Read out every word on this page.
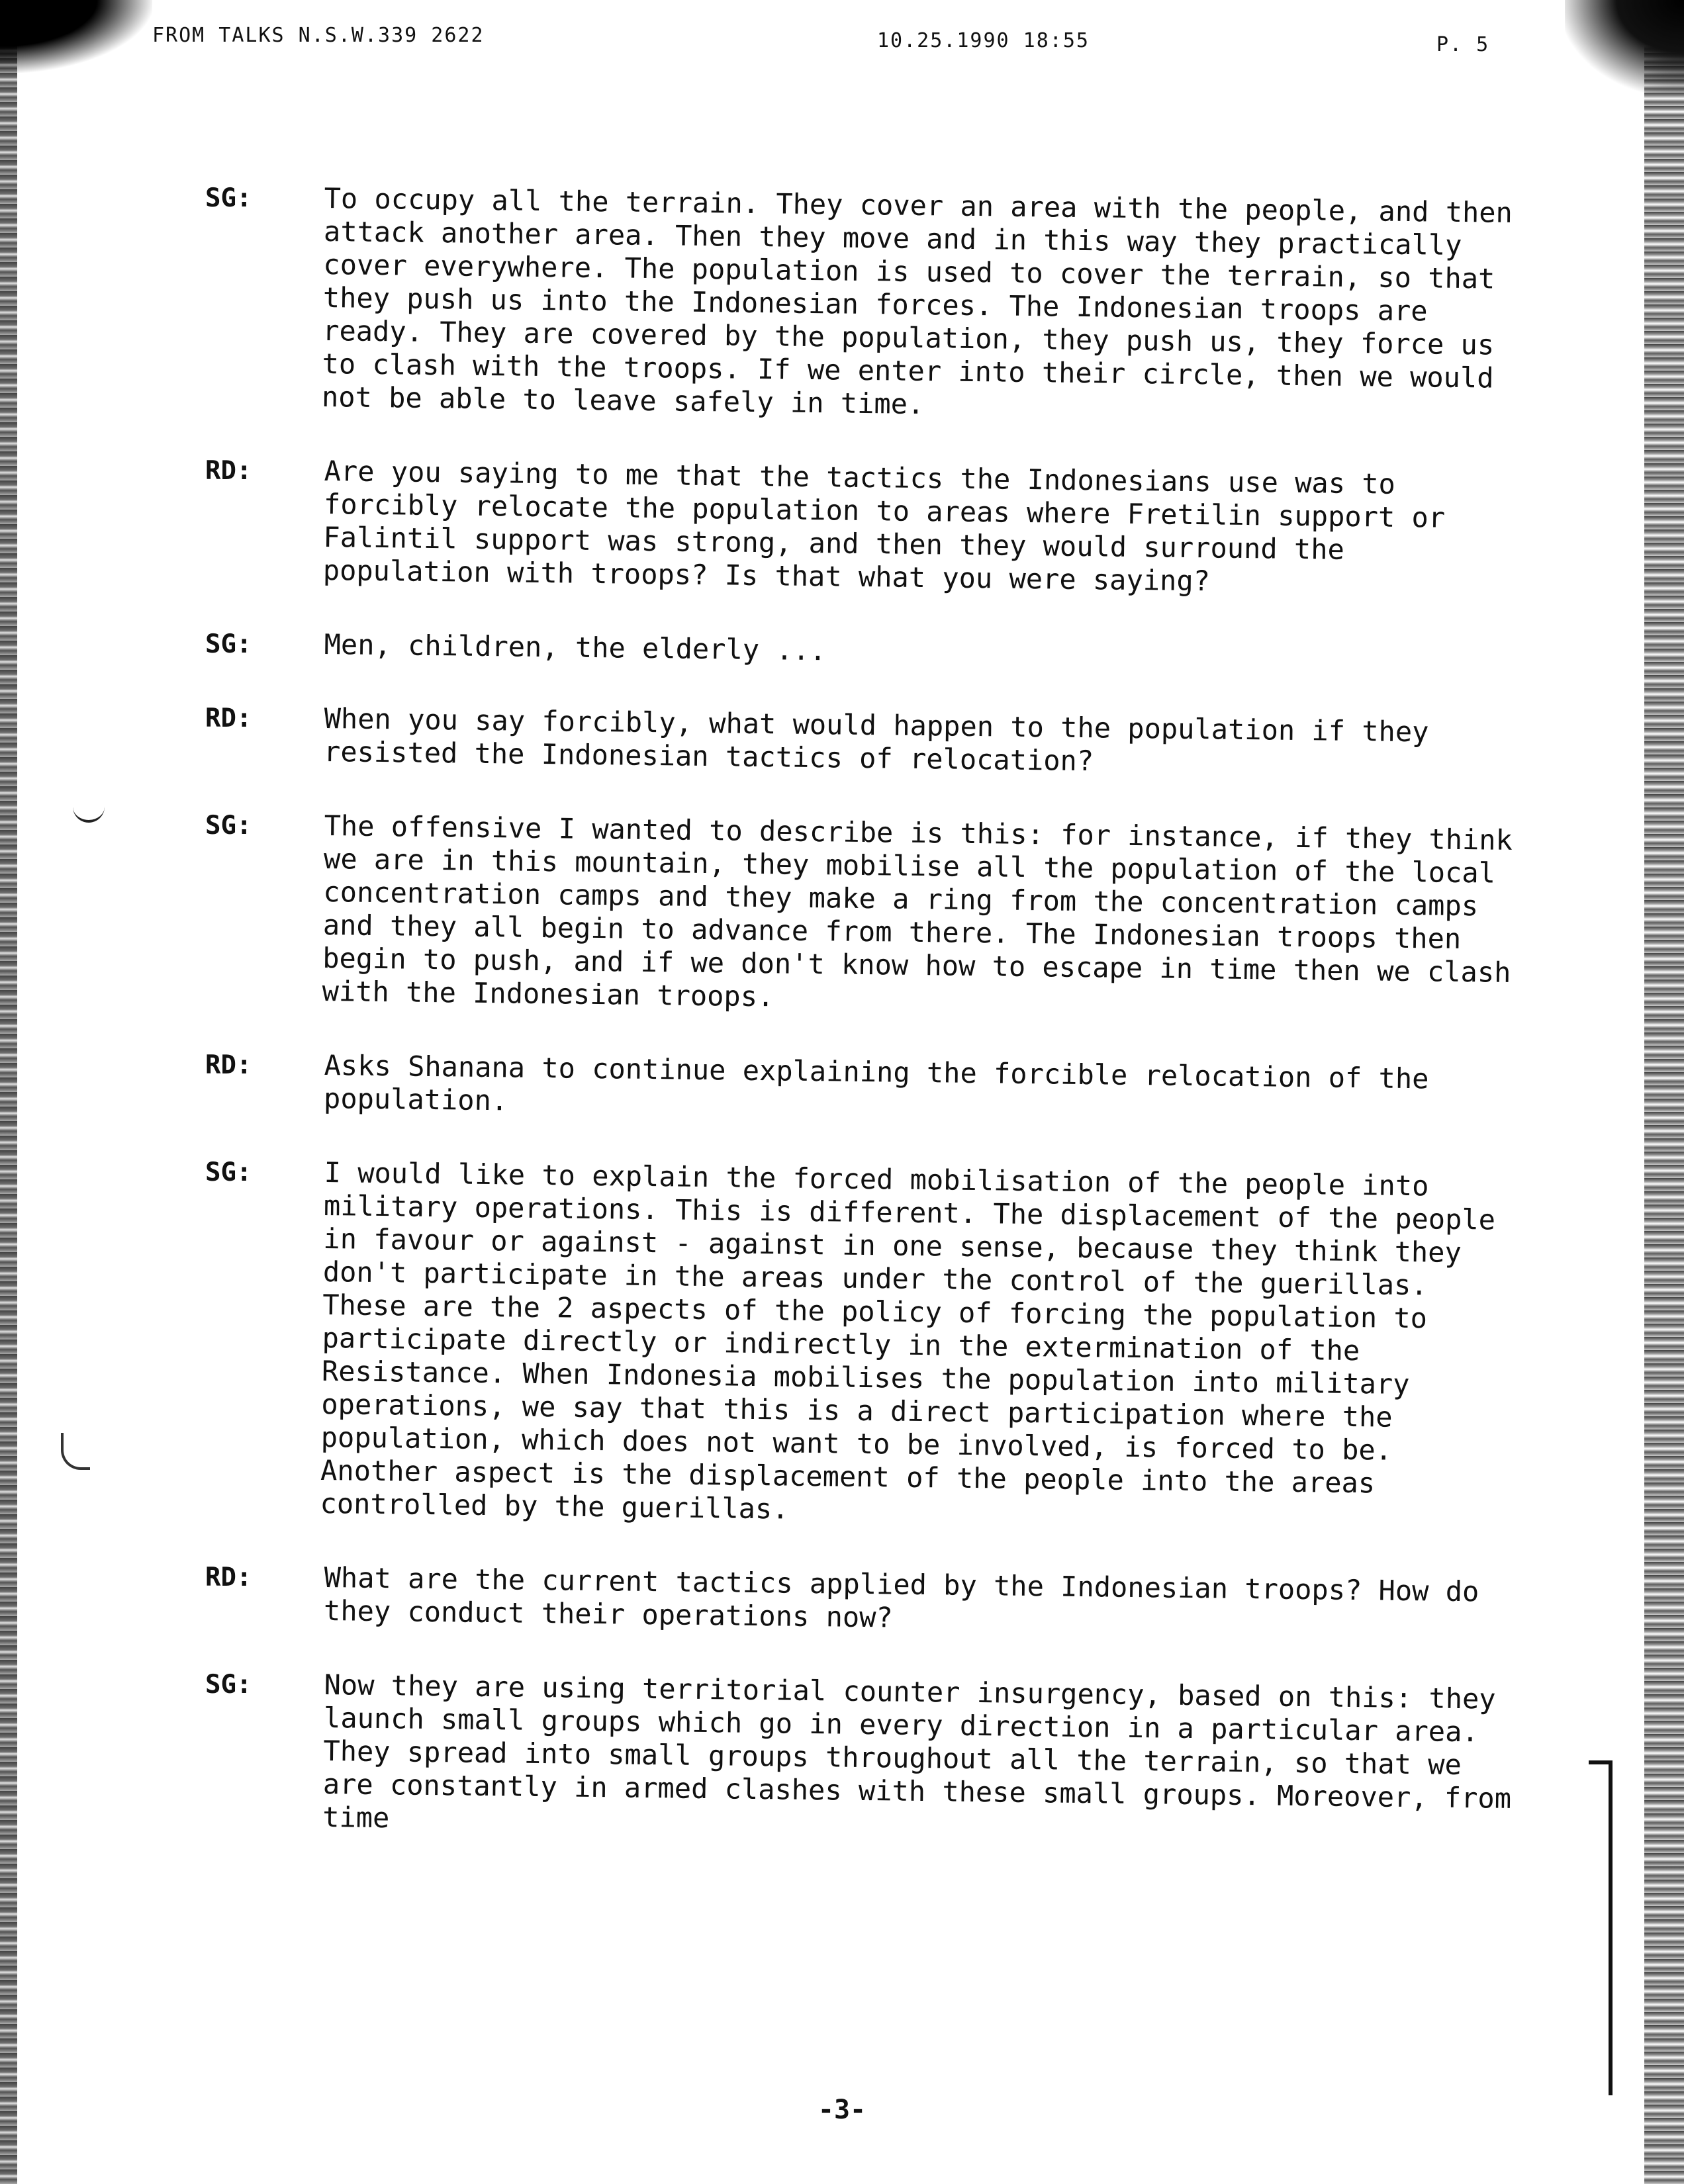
FROM TALKS N.S.W.339 2622	10.25.1990 18:55	P. 5
SG:	To occupy all the terrain. They cover an area with the people, and then attack another area. Then they move and in this way they practically cover everywhere. The population is used to cover the terrain, so that they push us into the Indonesian forces. The Indonesian troops are ready. They are covered by the population, they push us, they force us to clash with the troops. If we enter into their circle, then we would not be able to leave safely in time.
RD:	Are you saying to me that the tactics the Indonesians use was to forcibly relocate the population to areas where Fretilin support or Falintil support was strong, and then they would surround the population with troops? Is that what you were saying?
SG:	Men, children, the elderly ...
RD:	When you say forcibly, what would happen to the population if they resisted the Indonesian tactics of relocation?
SG:	The offensive I wanted to describe is this: for instance, if they think we are in this mountain, they mobilise all the population of the local concentration camps and they make a ring from the concentration camps and they all begin to advance from there. The Indonesian troops then begin to push, and if we don't know how to escape in time then we clash with the Indonesian troops.
RD:	Asks Shanana to continue explaining the forcible relocation of the population.
SG:	I would like to explain the forced mobilisation of the people into military operations. This is different. The displacement of the people in favour or against - against in one sense, because they think they don't participate in the areas under the control of the guerillas. These are the 2 aspects of the policy of forcing the population to participate directly or indirectly in the extermination of the Resistance. When Indonesia mobilises the population into military operations, we say that this is a direct participation where the population, which does not want to be involved, is forced to be. Another aspect is the displacement of the people into the areas controlled by the guerillas.
RD:	What are the current tactics applied by the Indonesian troops? How do they conduct their operations now?
SG:	Now they are using territorial counter insurgency, based on this: they launch small groups which go in every direction in a particular area. They spread into small groups throughout all the terrain, so that we are constantly in armed clashes with these small groups. Moreover, from time
-3-
